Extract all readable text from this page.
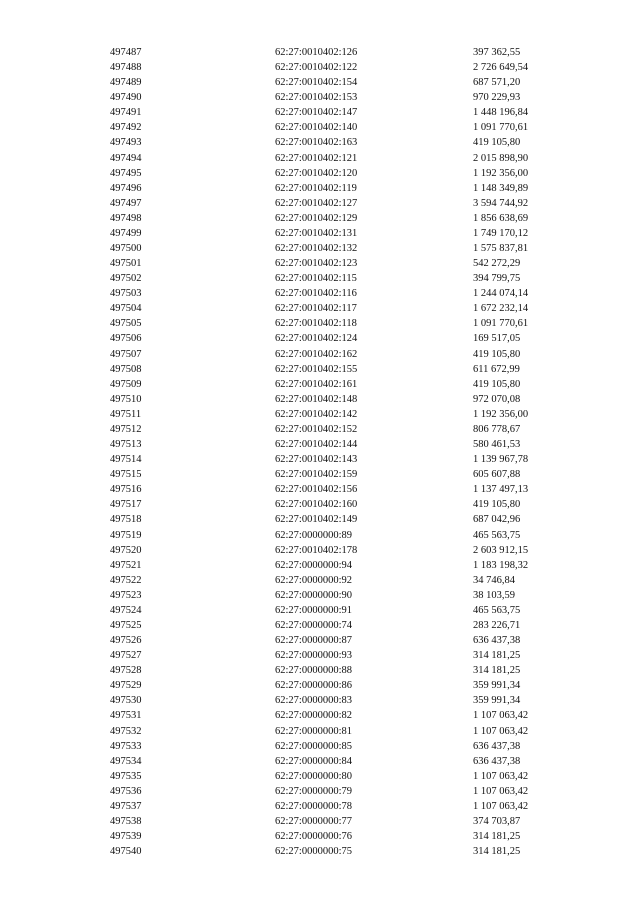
497487	62:27:0010402:126	397 362,55
497488	62:27:0010402:122	2 726 649,54
497489	62:27:0010402:154	687 571,20
497490	62:27:0010402:153	970 229,93
497491	62:27:0010402:147	1 448 196,84
497492	62:27:0010402:140	1 091 770,61
497493	62:27:0010402:163	419 105,80
497494	62:27:0010402:121	2 015 898,90
497495	62:27:0010402:120	1 192 356,00
497496	62:27:0010402:119	1 148 349,89
497497	62:27:0010402:127	3 594 744,92
497498	62:27:0010402:129	1 856 638,69
497499	62:27:0010402:131	1 749 170,12
497500	62:27:0010402:132	1 575 837,81
497501	62:27:0010402:123	542 272,29
497502	62:27:0010402:115	394 799,75
497503	62:27:0010402:116	1 244 074,14
497504	62:27:0010402:117	1 672 232,14
497505	62:27:0010402:118	1 091 770,61
497506	62:27:0010402:124	169 517,05
497507	62:27:0010402:162	419 105,80
497508	62:27:0010402:155	611 672,99
497509	62:27:0010402:161	419 105,80
497510	62:27:0010402:148	972 070,08
497511	62:27:0010402:142	1 192 356,00
497512	62:27:0010402:152	806 778,67
497513	62:27:0010402:144	580 461,53
497514	62:27:0010402:143	1 139 967,78
497515	62:27:0010402:159	605 607,88
497516	62:27:0010402:156	1 137 497,13
497517	62:27:0010402:160	419 105,80
497518	62:27:0010402:149	687 042,96
497519	62:27:0000000:89	465 563,75
497520	62:27:0010402:178	2 603 912,15
497521	62:27:0000000:94	1 183 198,32
497522	62:27:0000000:92	34 746,84
497523	62:27:0000000:90	38 103,59
497524	62:27:0000000:91	465 563,75
497525	62:27:0000000:74	283 226,71
497526	62:27:0000000:87	636 437,38
497527	62:27:0000000:93	314 181,25
497528	62:27:0000000:88	314 181,25
497529	62:27:0000000:86	359 991,34
497530	62:27:0000000:83	359 991,34
497531	62:27:0000000:82	1 107 063,42
497532	62:27:0000000:81	1 107 063,42
497533	62:27:0000000:85	636 437,38
497534	62:27:0000000:84	636 437,38
497535	62:27:0000000:80	1 107 063,42
497536	62:27:0000000:79	1 107 063,42
497537	62:27:0000000:78	1 107 063,42
497538	62:27:0000000:77	374 703,87
497539	62:27:0000000:76	314 181,25
497540	62:27:0000000:75	314 181,25
